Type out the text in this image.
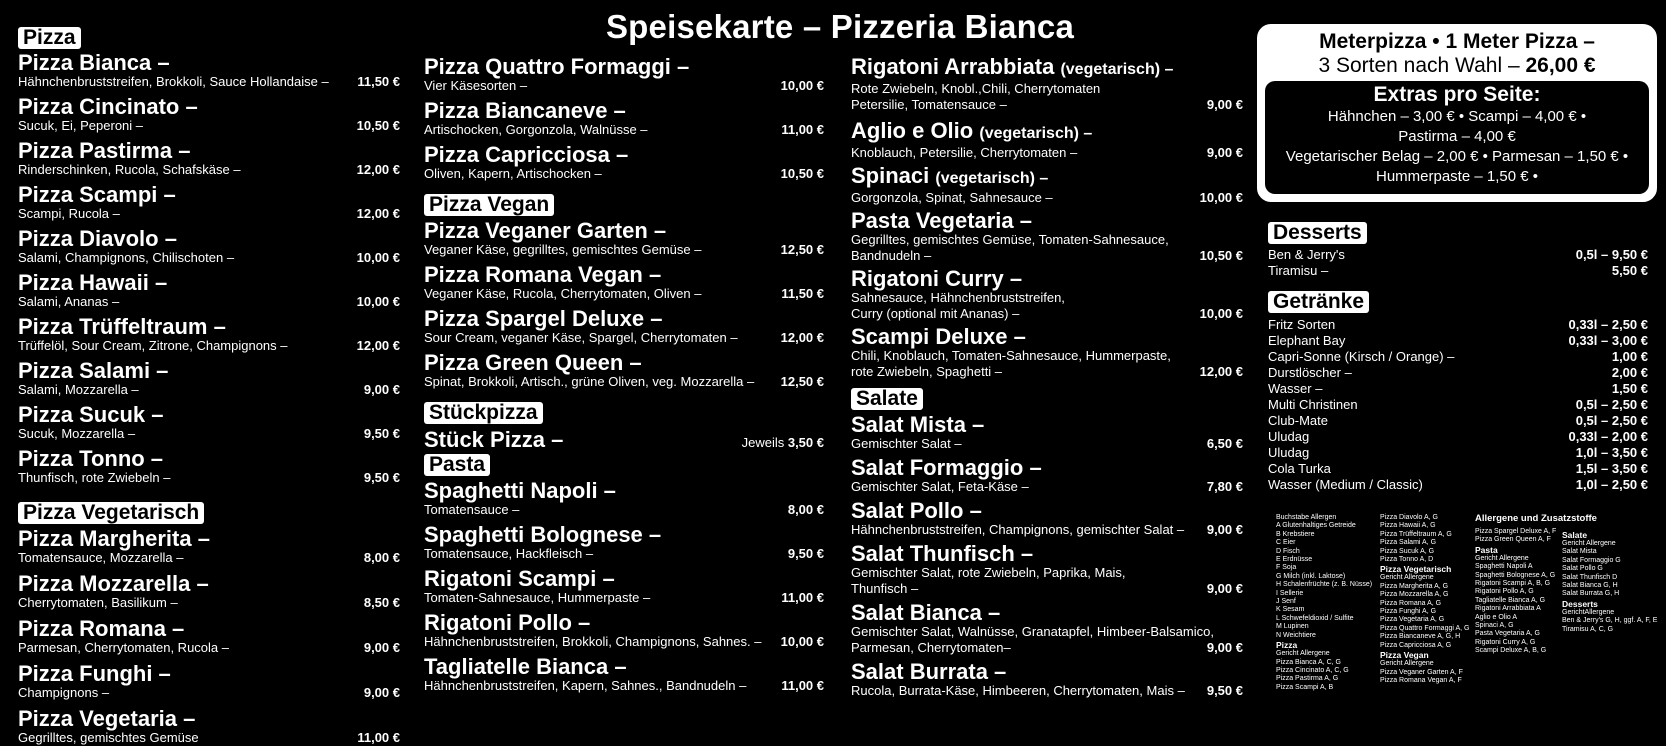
Speisekarte – Pizzeria Bianca
Pizza
Pizza Bianca –
Hähnchenbruststreifen, Brokkoli, Sauce Hollandaise –	11,50 €
Pizza Cincinato –
Sucuk, Ei, Peperoni –	10,50 €
Pizza Pastirma –
Rinderschinken, Rucola, Schafskäse –	12,00 €
Pizza Scampi –
Scampi, Rucola –	12,00 €
Pizza Diavolo –
Salami, Champignons, Chilischoten –	10,00 €
Pizza Hawaii –
Salami, Ananas –	10,00 €
Pizza Trüffeltraum –
Trüffelöl, Sour Cream, Zitrone, Champignons –	12,00 €
Pizza Salami –
Salami, Mozzarella –	9,00 €
Pizza Sucuk –
Sucuk, Mozzarella –	9,50 €
Pizza Tonno –
Thunfisch, rote Zwiebeln –	9,50 €
Pizza Vegetarisch
Pizza Margherita –
Tomatensauce, Mozzarella –	8,00 €
Pizza Mozzarella –
Cherrytomaten, Basilikum –	8,50 €
Pizza Romana –
Parmesan, Cherrytomaten, Rucola –	9,00 €
Pizza Funghi –
Champignons –	9,00 €
Pizza Vegetaria –
Gegrilltes, gemischtes Gemüse	11,00 €
Pizza Quattro Formaggi –
Vier Käsesorten –	10,00 €
Pizza Biancaneve –
Artischocken, Gorgonzola, Walnüsse –	11,00 €
Pizza Capricciosa –
Oliven, Kapern, Artischocken –	10,50 €
Pizza Vegan
Pizza Veganer Garten –
Veganer Käse, gegrilltes, gemischtes Gemüse –	12,50 €
Pizza Romana Vegan –
Veganer Käse, Rucola, Cherrytomaten, Oliven –	11,50 €
Pizza Spargel Deluxe –
Sour Cream, veganer Käse, Spargel, Cherrytomaten –	12,00 €
Pizza Green Queen –
Spinat, Brokkoli, Artisch., grüne Oliven, veg. Mozzarella –	12,50 €
Stückpizza
Stück Pizza –	Jeweils 3,50 €
Pasta
Spaghetti Napoli –
Tomatensauce –	8,00 €
Spaghetti Bolognese –
Tomatensauce, Hackfleisch –	9,50 €
Rigatoni Scampi –
Tomaten-Sahnesauce, Hummerpaste –	11,00 €
Rigatoni Pollo –
Hähnchenbruststreifen, Brokkoli, Champignons, Sahnes. –	10,00 €
Tagliatelle Bianca –
Hähnchenbruststreifen, Kapern, Sahnes., Bandnudeln –	11,00 €
Rigatoni Arrabbiata (vegetarisch) –
Rote Zwiebeln, Knobl.,Chili, Cherrytomaten
Petersilie, Tomatensauce –	9,00 €
Aglio e Olio (vegetarisch) –
Knoblauch, Petersilie, Cherrytomaten –	9,00 €
Spinaci (vegetarisch) –
Gorgonzola, Spinat, Sahnesauce –	10,00 €
Pasta Vegetaria –
Gegrilltes, gemischtes Gemüse, Tomaten-Sahnesauce,
Bandnudeln –	10,50 €
Rigatoni Curry –
Sahnesauce, Hähnchenbruststreifen,
Curry (optional mit Ananas) –	10,00 €
Scampi Deluxe –
Chili, Knoblauch, Tomaten-Sahnesauce, Hummerpaste,
rote Zwiebeln, Spaghetti –	12,00 €
Salate
Salat Mista –
Gemischter Salat –	6,50 €
Salat Formaggio –
Gemischter Salat, Feta-Käse –	7,80 €
Salat Pollo –
Hähnchenbruststreifen, Champignons, gemischter Salat –	9,00 €
Salat Thunfisch –
Gemischter Salat, rote Zwiebeln, Paprika, Mais,
Thunfisch –	9,00 €
Salat Bianca –
Gemischter Salat, Walnüsse, Granatapfel, Himbeer-Balsamico,
Parmesan, Cherrytomaten–	9,00 €
Salat Burrata –
Rucola, Burrata-Käse, Himbeeren, Cherrytomaten, Mais –	9,50 €
Meterpizza • 1 Meter Pizza –
3 Sorten nach Wahl – 26,00 €
Extras pro Seite:
Hähnchen – 3,00 € • Scampi – 4,00 € •
Pastirma – 4,00 €
Vegetarischer Belag – 2,00 € • Parmesan – 1,50 € •
Hummerpaste – 1,50 € •
Desserts
Ben & Jerry's	0,5l – 9,50 €
Tiramisu –	5,50 €
Getränke
Fritz Sorten	0,33l – 2,50 €
Elephant Bay	0,33l – 3,00 €
Capri-Sonne (Kirsch / Orange) –	1,00 €
Durstlöscher –	2,00 €
Wasser –	1,50 €
Multi Christinen	0,5l – 2,50 €
Club-Mate	0,5l – 2,50 €
Uludag	0,33l – 2,00 €
Uludag	1,0l – 3,50 €
Cola Turka	1,5l – 3,50 €
Wasser (Medium / Classic)	1,0l – 2,50 €
Buchstabe Allergen
A Glutenhaltiges Getreide
B Krebstiere
C Eier
D Fisch
E Erdnüsse
F Soja
G Milch (inkl. Laktose)
H Schalenfrüchte (z. B. Nüsse)
I Sellerie
J Senf
K Sesam
L Schwefeldioxid / Sulfite
M Lupinen
N Weichtiere
Pizza
Gericht Allergene
Pizza Bianca A, C, G
Pizza Cincinato A, C, G
Pizza Pastirma A, G
Pizza Scampi A, B
Pizza Diavolo A, G
Pizza Hawaii A, G
Pizza Trüffeltraum A, G
Pizza Salami A, G
Pizza Sucuk A, G
Pizza Tonno A, D
Pizza Vegetarisch
Gericht Allergene
Pizza Margherita A, G
Pizza Mozzarella A, G
Pizza Romana A, G
Pizza Funghi A, G
Pizza Vegetaria A, G
Pizza Quattro Formaggi A, G
Pizza Biancaneve A, G, H
Pizza Capricciosa A, G
Pizza Vegan
Gericht Allergene
Pizza Veganer Garten A, F
Pizza Romana Vegan A, F
Allergene und Zusatzstoffe
Pizza Spargel Deluxe A, F
Pizza Green Queen A, F
Pasta
Gericht Allergene
Spaghetti Napoli A
Spaghetti Bolognese A, G
Rigatoni Scampi A, B, G
Rigatoni Pollo A, G
Tagliatelle Bianca A, G
Rigatoni Arrabbiata A
Aglio e Olio A
Spinaci A, G
Pasta Vegetaria A, G
Rigatoni Curry A, G
Scampi Deluxe A, B, G
Salate
Gericht Allergene
Salat Mista
Salat Formaggio G
Salat Pollo G
Salat Thunfisch D
Salat Bianca G, H
Salat Burrata G, H
Desserts
GerichtAllergene
Ben & Jerry's G, H, ggf. A, F, E
Tiramisu A, C, G
